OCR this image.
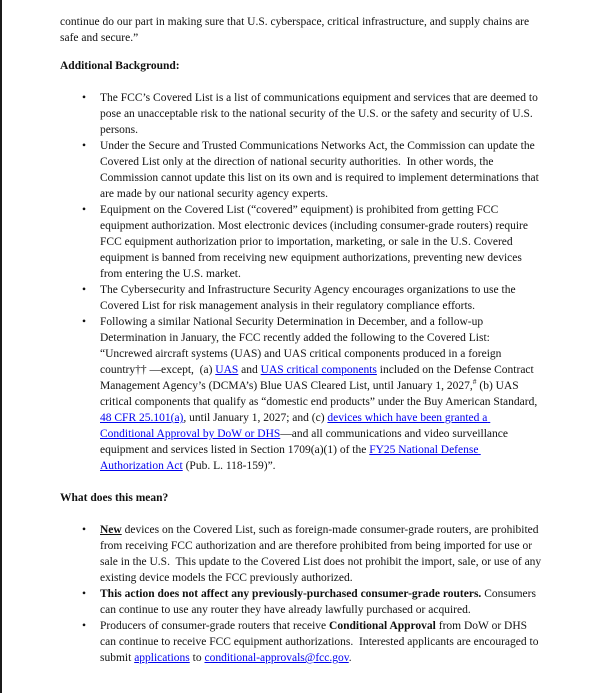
continue do our part in making sure that U.S. cyberspace, critical infrastructure, and supply chains are safe and secure.”

Additional Background:
• The FCC’s Covered List is a list of communications equipment and services that are deemed to pose an unacceptable risk to the national security of the U.S. or the safety and security of U.S. persons.
• Under the Secure and Trusted Communications Networks Act, the Commission can update the Covered List only at the direction of national security authorities.  In other words, the Commission cannot update this list on its own and is required to implement determinations that are made by our national security agency experts.
• Equipment on the Covered List (“covered” equipment) is prohibited from getting FCC equipment authorization. Most electronic devices (including consumer-grade routers) require FCC equipment authorization prior to importation, marketing, or sale in the U.S. Covered equipment is banned from receiving new equipment authorizations, preventing new devices from entering the U.S. market.
• The Cybersecurity and Infrastructure Security Agency encourages organizations to use the Covered List for risk management analysis in their regulatory compliance efforts.
• Following a similar National Security Determination in December, and a follow-up Determination in January, the FCC recently added the following to the Covered List: “Uncrewed aircraft systems (UAS) and UAS critical components produced in a foreign country†† —except,  (a) UAS and UAS critical components included on the Defense Contract Management Agency’s (DCMA’s) Blue UAS Cleared List, until January 1, 2027,# (b) UAS critical components that qualify as “domestic end products” under the Buy American Standard, 48 CFR 25.101(a), until January 1, 2027; and (c) devices which have been granted a Conditional Approval by DoW or DHS—and all communications and video surveillance equipment and services listed in Section 1709(a)(1) of the FY25 National Defense Authorization Act (Pub. L. 118-159)”.
What does this mean?
• New devices on the Covered List, such as foreign-made consumer-grade routers, are prohibited from receiving FCC authorization and are therefore prohibited from being imported for use or sale in the U.S.  This update to the Covered List does not prohibit the import, sale, or use of any existing device models the FCC previously authorized.
• This action does not affect any previously-purchased consumer-grade routers. Consumers can continue to use any router they have already lawfully purchased or acquired.
• Producers of consumer-grade routers that receive Conditional Approval from DoW or DHS can continue to receive FCC equipment authorizations.  Interested applicants are encouraged to submit applications to conditional-approvals@fcc.gov.
